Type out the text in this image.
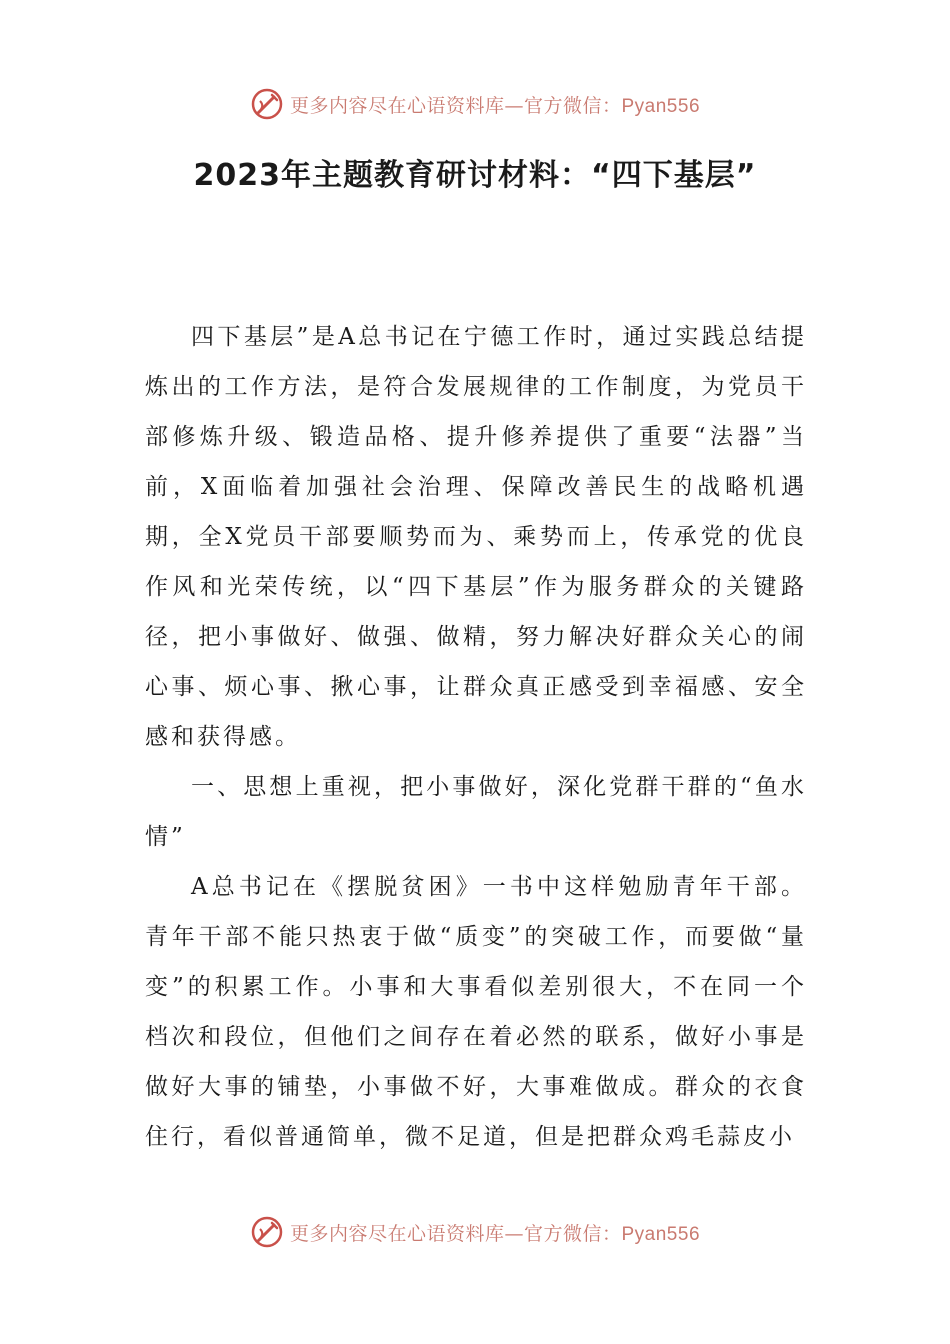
更多内容尽在心语资料库—官方微信：Pyan556
2023年主题教育研讨材料：“四下基层”

四下基层”是A总书记在宁德工作时，通过实践总结提炼出的工作方法，是符合发展规律的工作制度，为党员干部修炼升级、锻造品格、提升修养提供了重要“法器”当前，X面临着加强社会治理、保障改善民生的战略机遇期，全X党员干部要顺势而为、乘势而上，传承党的优良作风和光荣传统，以“四下基层”作为服务群众的关键路径，把小事做好、做强、做精，努力解决好群众关心的闹心事、烦心事、揪心事，让群众真正感受到幸福感、安全感和获得感。

一、思想上重视，把小事做好，深化党群干群的“鱼水情”

A总书记在《摆脱贫困》一书中这样勉励青年干部。青年干部不能只热衷于做“质变”的突破工作，而要做“量变”的积累工作。小事和大事看似差别很大，不在同一个档次和段位，但他们之间存在着必然的联系，做好小事是做好大事的铺垫，小事做不好，大事难做成。群众的衣食住行，看似普通简单，微不足道，但是把群众鸡毛蒜皮小

更多内容尽在心语资料库—官方微信：Pyan556
